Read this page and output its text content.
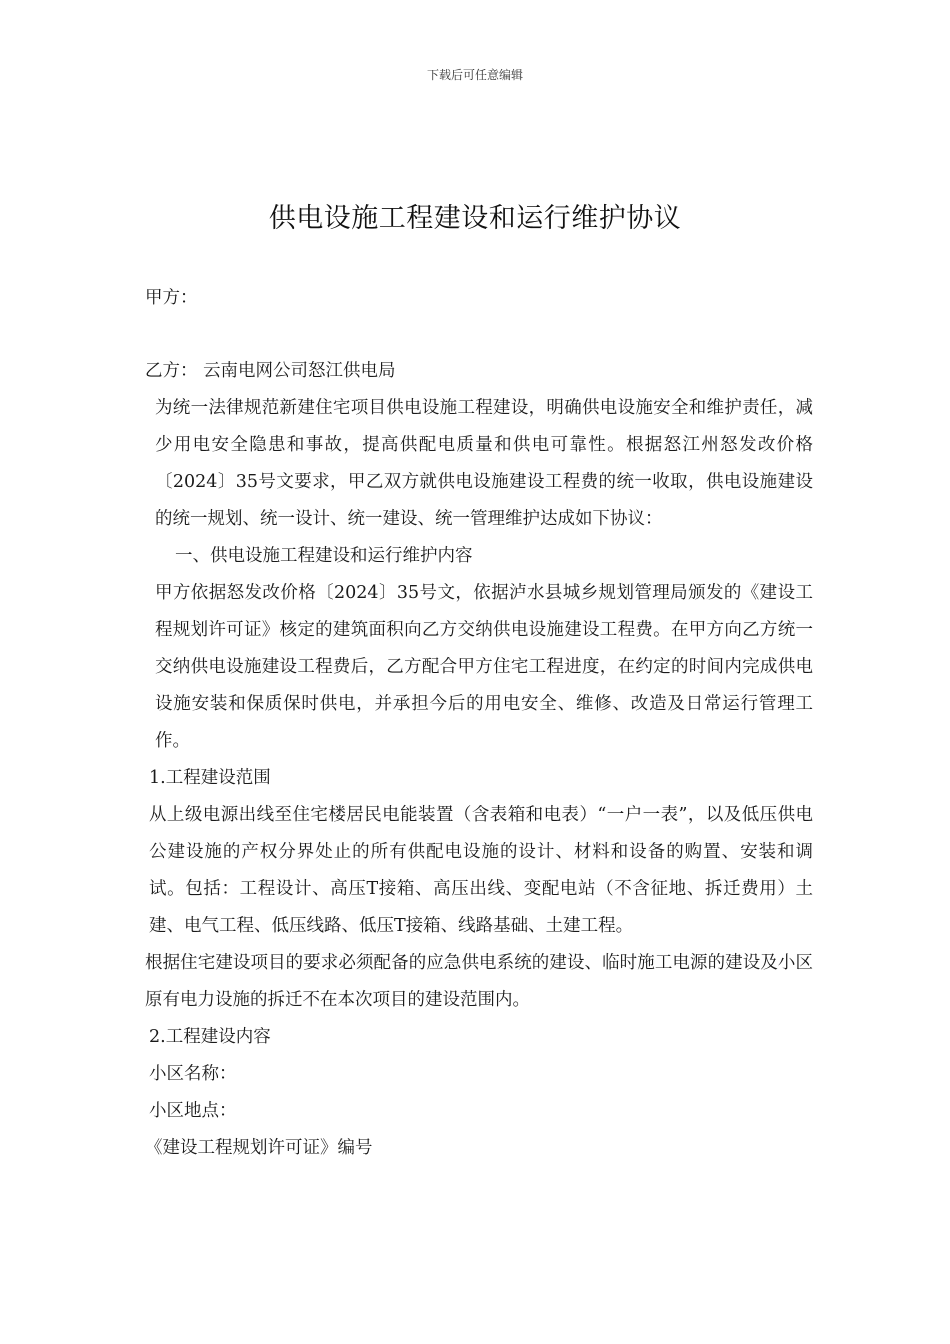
下载后可任意编辑
供电设施工程建设和运行维护协议
甲方：
乙方： 云南电网公司怒江供电局
为统一法律规范新建住宅项目供电设施工程建设，明确供电设施安全和维护责任，减少用电安全隐患和事故，提高供配电质量和供电可靠性。根据怒江州怒发改价格〔2024〕35号文要求，甲乙双方就供电设施建设工程费的统一收取，供电设施建设的统一规划、统一设计、统一建设、统一管理维护达成如下协议：
一、供电设施工程建设和运行维护内容
甲方依据怒发改价格〔2024〕35号文，依据泸水县城乡规划管理局颁发的《建设工程规划许可证》核定的建筑面积向乙方交纳供电设施建设工程费。在甲方向乙方统一交纳供电设施建设工程费后，乙方配合甲方住宅工程进度，在约定的时间内完成供电设施安装和保质保时供电，并承担今后的用电安全、维修、改造及日常运行管理工作。
1.工程建设范围
从上级电源出线至住宅楼居民电能装置（含表箱和电表）“一户一表”，以及低压供电公建设施的产权分界处止的所有供配电设施的设计、材料和设备的购置、安装和调试。包括：工程设计、高压T接箱、高压出线、变配电站（不含征地、拆迁费用）土建、电气工程、低压线路、低压T接箱、线路基础、土建工程。
根据住宅建设项目的要求必须配备的应急供电系统的建设、临时施工电源的建设及小区原有电力设施的拆迁不在本次项目的建设范围内。
2.工程建设内容
小区名称：
小区地点：
《建设工程规划许可证》编号
